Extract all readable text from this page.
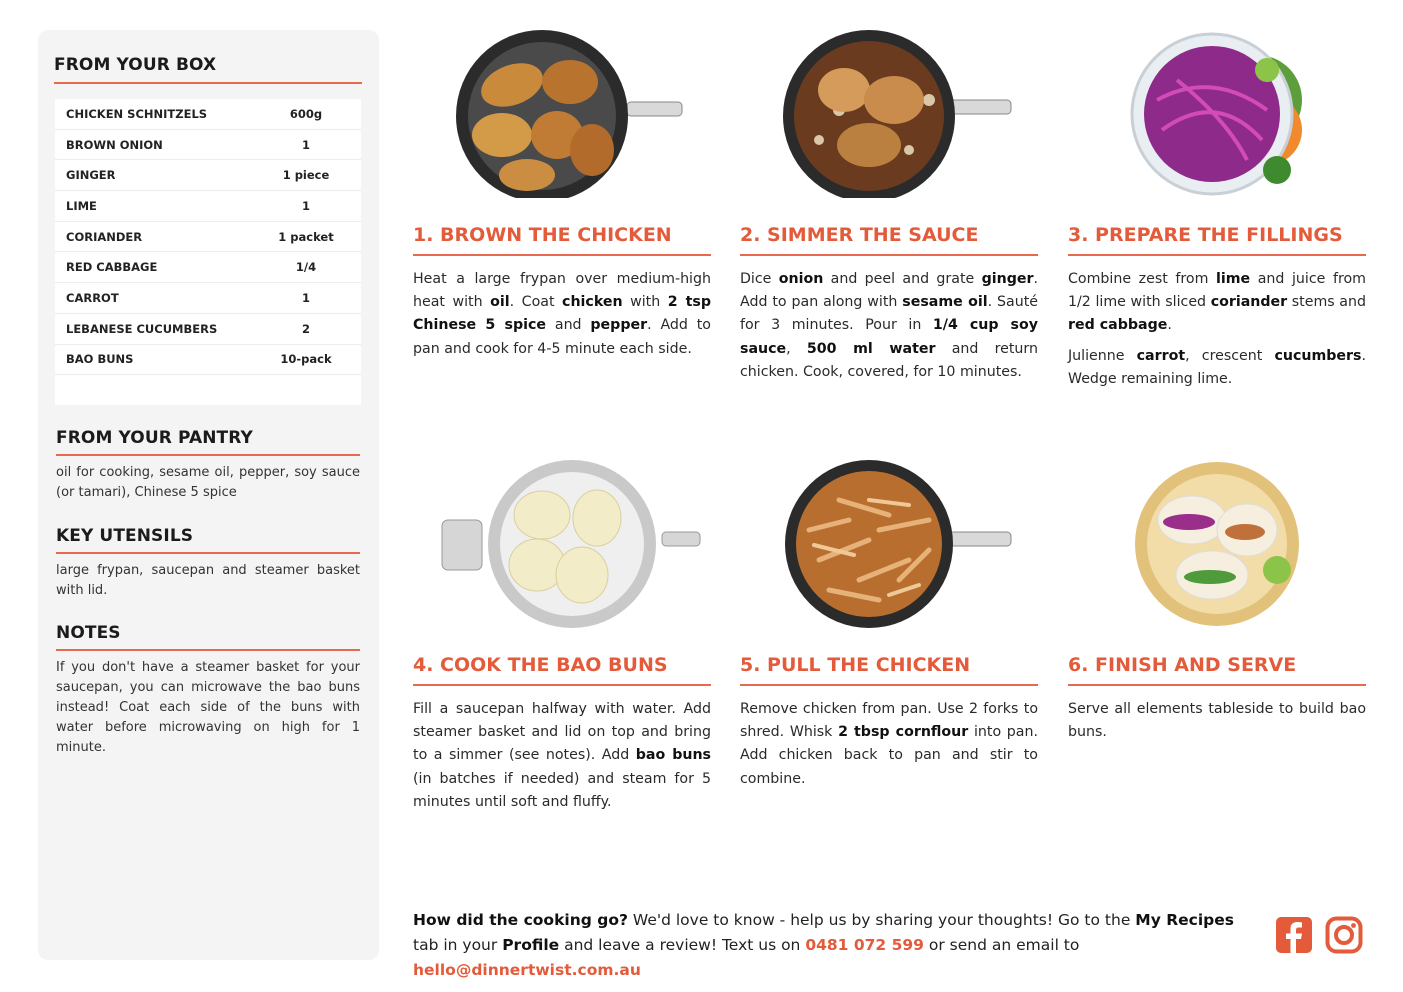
FROM YOUR BOX
CHICKEN SCHNITZELS	600g
BROWN ONION	1
GINGER	1 piece
LIME	1
CORIANDER	1 packet
RED CABBAGE	1/4
CARROT	1
LEBANESE CUCUMBERS	2
BAO BUNS	10-pack
FROM YOUR PANTRY
oil for cooking, sesame oil, pepper, soy sauce (or tamari), Chinese 5 spice
KEY UTENSILS
large frypan, saucepan and steamer basket with lid.
NOTES
If you don't have a steamer basket for your saucepan, you can microwave the bao buns instead! Coat each side of the buns with water before microwaving on high for 1 minute.
1. BROWN THE CHICKEN

Heat a large frypan over medium-high heat with oil. Coat chicken with 2 tsp Chinese 5 spice and pepper. Add to pan and cook for 4-5 minute each side.

2. SIMMER THE SAUCE

Dice onion and peel and grate ginger. Add to pan along with sesame oil. Sauté for 3 minutes. Pour in 1/4 cup soy sauce, 500 ml water and return chicken. Cook, covered, for 10 minutes.

3. PREPARE THE FILLINGS

Combine zest from lime and juice from 1/2 lime with sliced coriander stems and red cabbage.

Julienne carrot, crescent cucumbers. Wedge remaining lime.

4. COOK THE BAO BUNS

Fill a saucepan halfway with water. Add steamer basket and lid on top and bring to a simmer (see notes). Add bao buns (in batches if needed) and steam for 5 minutes until soft and fluffy.

5. PULL THE CHICKEN

Remove chicken from pan. Use 2 forks to shred. Whisk 2 tbsp cornflour into pan. Add chicken back to pan and stir to combine.

6. FINISH AND SERVE

Serve all elements tableside to build bao buns.

How did the cooking go? We'd love to know - help us by sharing your thoughts! Go to the My Recipes tab in your Profile and leave a review! Text us on 0481 072 599 or send an email to hello@dinnertwist.com.au
